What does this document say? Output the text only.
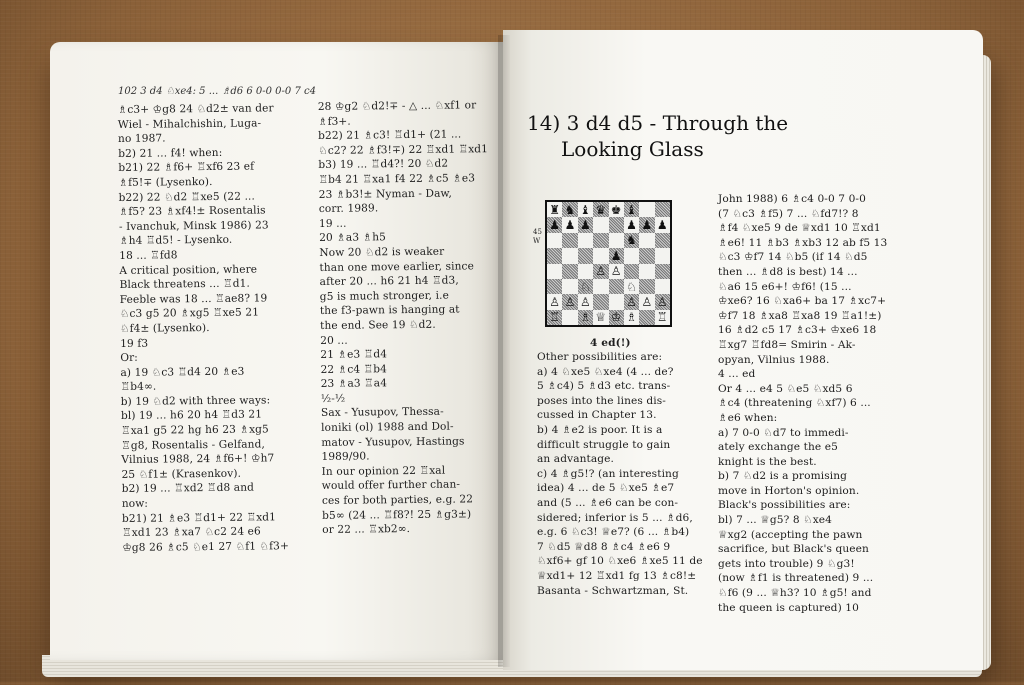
102 3 d4 ♘xe4: 5 ... ♗d6 6 0-0 0-0 7 c4
♗c3+ ♔g8 24 ♘d2± van der
Wiel - Mihalchishin, Luga-
no 1987.
b2) 21 ... f4! when:
b21) 22 ♗f6+ ♖xf6 23 ef
♗f5!∓ (Lysenko).
b22) 22 ♘d2 ♖xe5 (22 ...
♗f5? 23 ♗xf4!± Rosentalis
- Ivanchuk, Minsk 1986) 23
♗h4 ♖d5! - Lysenko.
18 ... ♖fd8
A critical position, where
Black threatens ... ♖d1.
Feeble was 18 ... ♖ae8? 19
♘c3 g5 20 ♗xg5 ♖xe5 21
♘f4± (Lysenko).
19 f3
Or:
a) 19 ♘c3 ♖d4 20 ♗e3
♖b4∞.
b) 19 ♘d2 with three ways:
bl) 19 ... h6 20 h4 ♖d3 21
♖xa1 g5 22 hg h6 23 ♗xg5
♖g8, Rosentalis - Gelfand,
Vilnius 1988, 24 ♗f6+! ♔h7
25 ♘f1± (Krasenkov).
b2) 19 ... ♖xd2 ♖d8 and
now:
b21) 21 ♗e3 ♖d1+ 22 ♖xd1
♖xd1 23 ♗xa7 ♘c2 24 e6
♔g8 26 ♗c5 ♘e1 27 ♘f1 ♘f3+
28 ♔g2 ♘d2!∓ - △ ... ♘xf1 or
♗f3+.
b22) 21 ♗c3! ♖d1+ (21 ...
♘c2? 22 ♗f3!∓) 22 ♖xd1 ♖xd1
b3) 19 ... ♖d4?! 20 ♘d2
♖b4 21 ♖xa1 f4 22 ♗c5 ♗e3
23 ♗b3!± Nyman - Daw,
corr. 1989.
19 ...
20 ♗a3 ♗h5
Now 20 ♘d2 is weaker
than one move earlier, since
after 20 ... h6 21 h4 ♖d3,
g5 is much stronger, i.e
the f3-pawn is hanging at
the end. See 19 ♘d2.
20 ...
21 ♗e3 ♖d4
22 ♗c4 ♖b4
23 ♗a3 ♖a4
½-½
Sax - Yusupov, Thessa-
loniki (ol) 1988 and Dol-
matov - Yusupov, Hastings
1989/90.
In our opinion 22 ♖xal
would offer further chan-
ces for both parties, e.g. 22
b5∞ (24 ... ♖f8?! 25 ♗g3±)
or 22 ... ♖xb2∞.
14) 3 d4 d5 - Through the
Looking Glass
45
W
♜ ♞ ♝ ♛ ♚ ♝
♟ ♟ ♟	♟ ♟ ♟
♞
♟
♙ ♙
♘	♘
♙ ♙ ♙	♙ ♙ ♙
♖ ♗ ♕ ♔ ♗ ♖
4 ed(!)
Other possibilities are:
a) 4 ♘xe5 ♘xe4 (4 ... de?
5 ♗c4) 5 ♗d3 etc. trans-
poses into the lines dis-
cussed in Chapter 13.
b) 4 ♗e2 is poor. It is a
difficult struggle to gain
an advantage.
c) 4 ♗g5!? (an interesting
idea) 4 ... de 5 ♘xe5 ♗e7
and (5 ... ♗e6 can be con-
sidered; inferior is 5 ... ♗d6,
e.g. 6 ♘c3! ♕e7? (6 ... ♗b4)
7 ♘d5 ♕d8 8 ♗c4 ♗e6 9
♘xf6+ gf 10 ♘xe6 ♗xe5 11 de
♕xd1+ 12 ♖xd1 fg 13 ♗c8!±
Basanta - Schwartzman, St.
John 1988) 6 ♗c4 0-0 7 0-0
(7 ♘c3 ♗f5) 7 ... ♘fd7!? 8
♗f4 ♘xe5 9 de ♕xd1 10 ♖xd1
♗e6! 11 ♗b3 ♗xb3 12 ab f5 13
♘c3 ♔f7 14 ♘b5 (if 14 ♘d5
then ... ♗d8 is best) 14 ...
♘a6 15 e6+! ♔f6! (15 ...
♔xe6? 16 ♘xa6+ ba 17 ♗xc7+
♔f7 18 ♗xa8 ♖xa8 19 ♖a1!±)
16 ♗d2 c5 17 ♗c3+ ♔xe6 18
♖xg7 ♖fd8= Smirin - Ak-
opyan, Vilnius 1988.
4 ... ed
Or 4 ... e4 5 ♘e5 ♘xd5 6
♗c4 (threatening ♘xf7) 6 ...
♗e6 when:
a) 7 0-0 ♘d7 to immedi-
ately exchange the e5
knight is the best.
b) 7 ♘d2 is a promising
move in Horton's opinion.
Black's possibilities are:
bl) 7 ... ♕g5? 8 ♘xe4
♕xg2 (accepting the pawn
sacrifice, but Black's queen
gets into trouble) 9 ♘g3!
(now ♗f1 is threatened) 9 ...
♘f6 (9 ... ♕h3? 10 ♗g5! and
the queen is captured) 10
